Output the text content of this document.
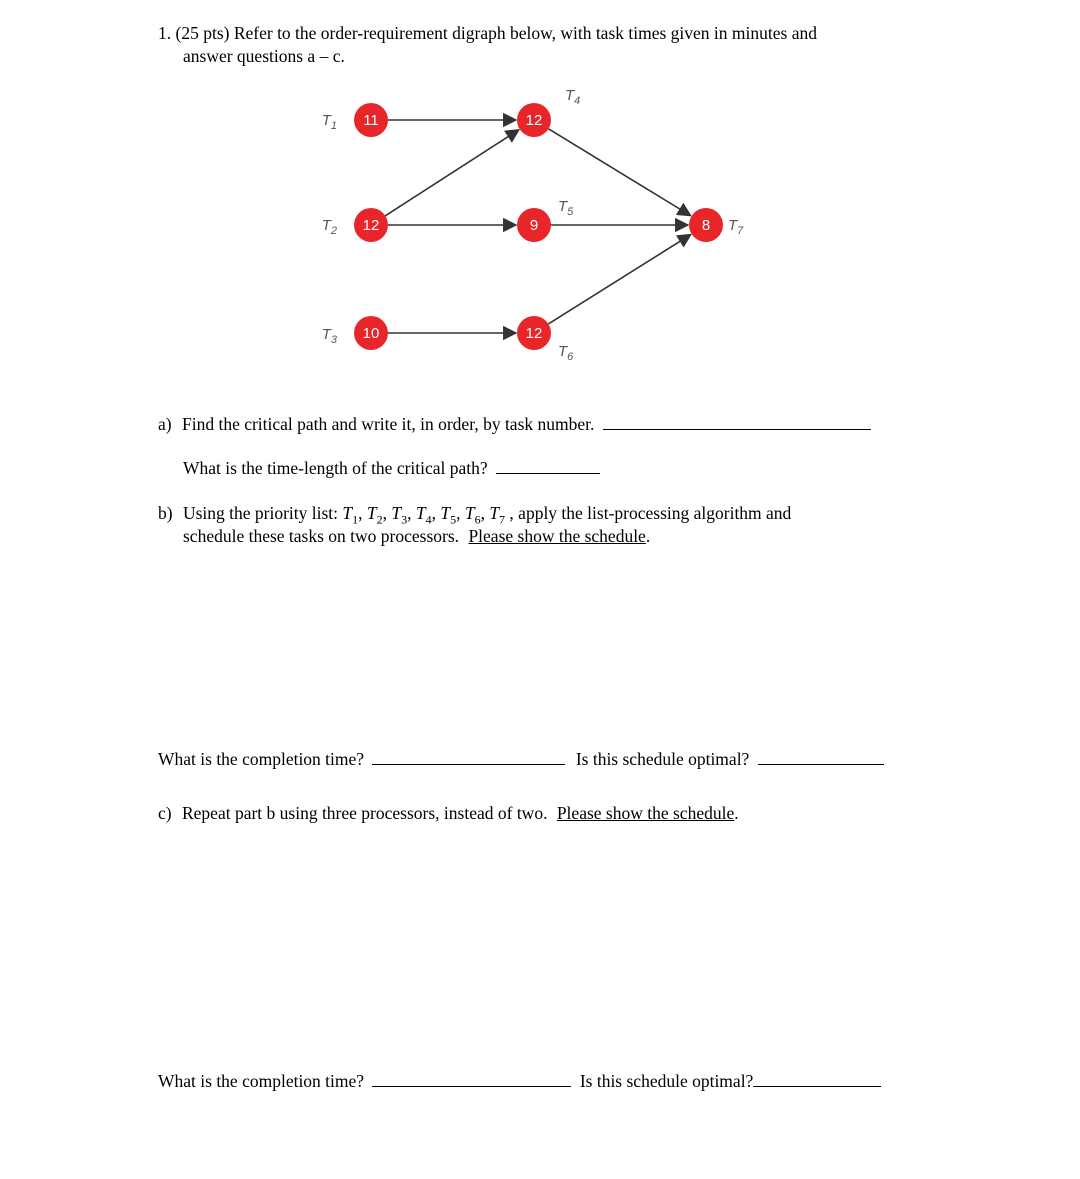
1. (25 pts) Refer to the order-requirement digraph below, with task times given in minutes and
answer questions a – c.
11
$T_1$
12
$T_2$
10
$T_3$
12
$T_4$
9
$T_5$
12
$T_6$
8 $T_7$
a) Find the critical path and write it, in order, by task number.
What is the time-length of the critical path?
b) Using the priority list: $T_1$, $T_2$, $T_3$, $T_4$, $T_5$, $T_6$, $T_7$ , apply the list-processing algorithm and
schedule these tasks on two processors. Please show the schedule.
What is the completion time?	Is this schedule optimal?
c) Repeat part b using three processors, instead of two. Please show the schedule.
What is the completion time?	Is this schedule optimal?
